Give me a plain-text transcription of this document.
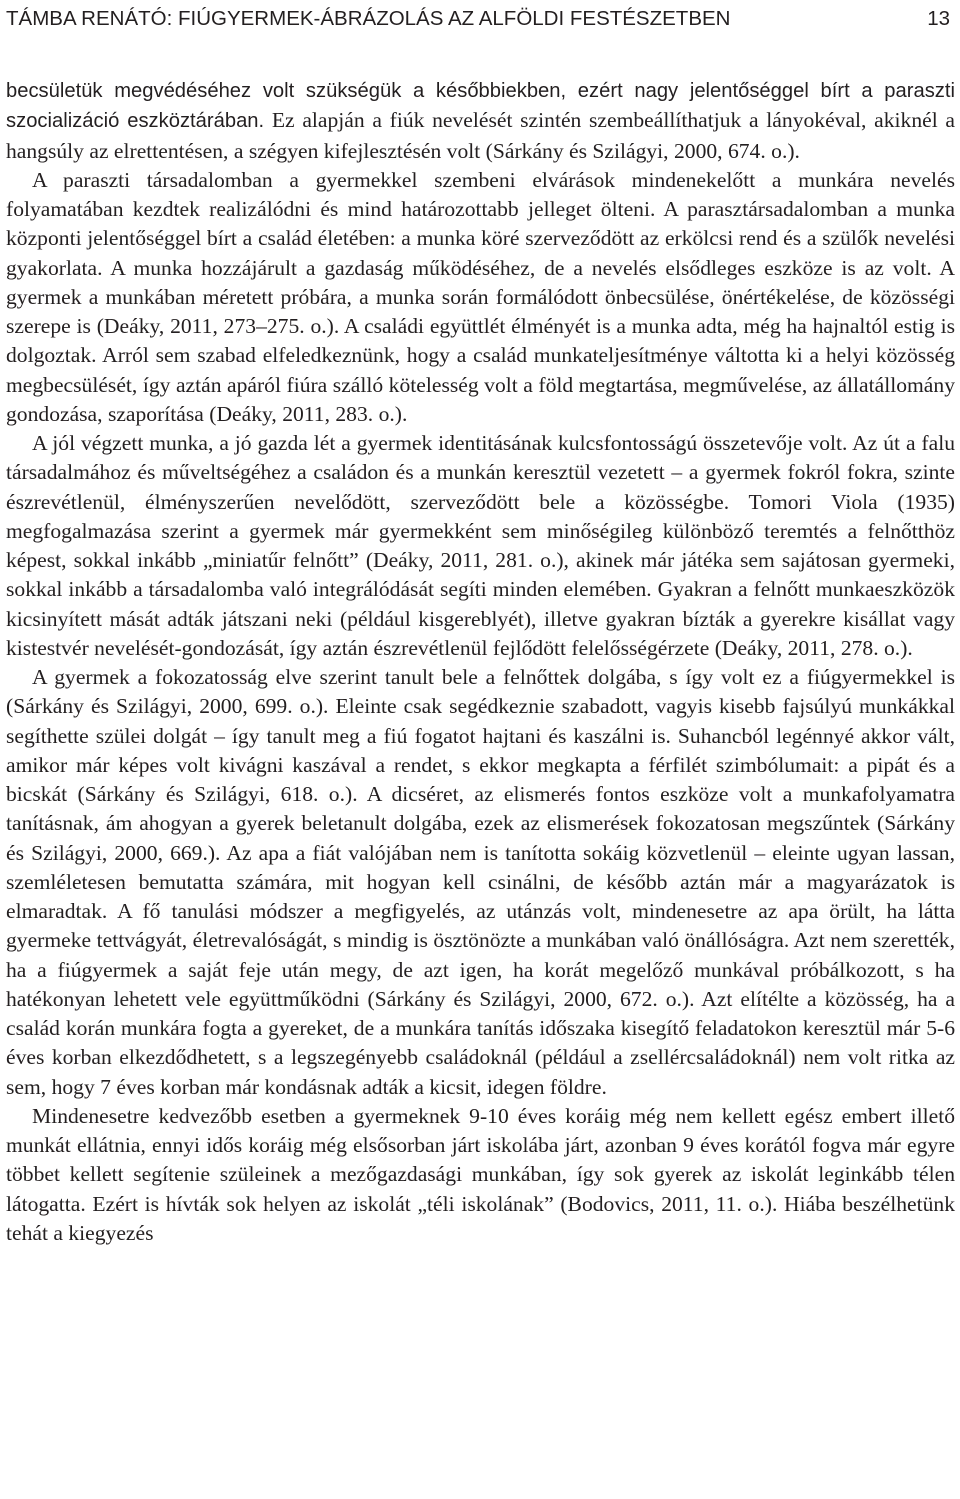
TÁMBA RENÁTÓ: FIÚGYERMEK-ÁBRÁZOLÁS AZ ALFÖLDI FESTÉSZETBEN	13

becsületük megvédéséhez volt szükségük a későbbiekben, ezért nagy jelentőséggel bírt a paraszti szocializáció eszköztárában. Ez alapján a fiúk nevelését szintén szembeállíthatjuk a lányokéval, akiknél a hangsúly az elrettentésen, a szégyen kifejlesztésén volt (Sárkány és Szilágyi, 2000, 674. o.).

A paraszti társadalomban a gyermekkel szembeni elvárások mindenekelőtt a munkára nevelés folyamatában kezdtek realizálódni és mind határozottabb jelleget ölteni. A parasztársadalomban a munka központi jelentőséggel bírt a család életében: a munka köré szerveződött az erkölcsi rend és a szülők nevelési gyakorlata. A munka hozzájárult a gazdaság működéséhez, de a nevelés elsődleges eszköze is az volt. A gyermek a munkában méretett próbára, a munka során formálódott önbecsülése, önértékelése, de közösségi szerepe is (Deáky, 2011, 273–275. o.). A családi együttlét élményét is a munka adta, még ha hajnaltól estig is dolgoztak. Arról sem szabad elfeledkeznünk, hogy a család munkateljesítménye váltotta ki a helyi közösség megbecsülését, így aztán apáról fiúra szálló kötelesség volt a föld megtartása, megművelése, az állatállomány gondozása, szaporítása (Deáky, 2011, 283. o.).

A jól végzett munka, a jó gazda lét a gyermek identitásának kulcsfontosságú összetevője volt. Az út a falu társadalmához és műveltségéhez a családon és a munkán keresztül vezetett – a gyermek fokról fokra, szinte észrevétlenül, élményszerűen nevelődött, szerveződött bele a közösségbe. Tomori Viola (1935) megfogalmazása szerint a gyermek már gyermekként sem minőségileg különböző teremtés a felnőtthöz képest, sokkal inkább „miniatűr felnőtt” (Deáky, 2011, 281. o.), akinek már játéka sem sajátosan gyermeki, sokkal inkább a társadalomba való integrálódását segíti minden elemében. Gyakran a felnőtt munkaeszközök kicsinyített mását adták játszani neki (például kisgereblyét), illetve gyakran bízták a gyerekre kisállat vagy kistestvér nevelését-gondozását, így aztán észrevétlenül fejlődött felelősségérzete (Deáky, 2011, 278. o.).

A gyermek a fokozatosság elve szerint tanult bele a felnőttek dolgába, s így volt ez a fiúgyermekkel is (Sárkány és Szilágyi, 2000, 699. o.). Eleinte csak segédkeznie szabadott, vagyis kisebb fajsúlyú munkákkal segíthette szülei dolgát – így tanult meg a fiú fogatot hajtani és kaszálni is. Suhancból legénnyé akkor vált, amikor már képes volt kivágni kaszával a rendet, s ekkor megkapta a férfilét szimbólumait: a pipát és a bicskát (Sárkány és Szilágyi, 618. o.). A dicséret, az elismerés fontos eszköze volt a munkafolyamatra tanításnak, ám ahogyan a gyerek beletanult dolgába, ezek az elismerések fokozatosan megszűntek (Sárkány és Szilágyi, 2000, 669.). Az apa a fiát valójában nem is tanította sokáig közvetlenül – eleinte ugyan lassan, szemléletesen bemutatta számára, mit hogyan kell csinálni, de később aztán már a magyarázatok is elmaradtak. A fő tanulási módszer a megfigyelés, az utánzás volt, mindenesetre az apa örült, ha látta gyermeke tettvágyát, életrevalóságát, s mindig is ösztönözte a munkában való önállóságra. Azt nem szerették, ha a fiúgyermek a saját feje után megy, de azt igen, ha korát megelőző munkával próbálkozott, s ha hatékonyan lehetett vele együttműködni (Sárkány és Szilágyi, 2000, 672. o.). Azt elítélte a közösség, ha a család korán munkára fogta a gyereket, de a munkára tanítás időszaka kisegítő feladatokon keresztül már 5-6 éves korban elkezdődhetett, s a legszegényebb családoknál (például a zsellércsaládoknál) nem volt ritka az sem, hogy 7 éves korban már kondásnak adták a kicsit, idegen földre.

Mindenesetre kedvezőbb esetben a gyermeknek 9-10 éves koráig még nem kellett egész embert illető munkát ellátnia, ennyi idős koráig még elsősorban járt iskolába járt, azonban 9 éves korától fogva már egyre többet kellett segítenie szüleinek a mezőgazdasági munkában, így sok gyerek az iskolát leginkább télen látogatta. Ezért is hívták sok helyen az iskolát „téli iskolának” (Bodovics, 2011, 11. o.). Hiába beszélhetünk tehát a kiegyezés
